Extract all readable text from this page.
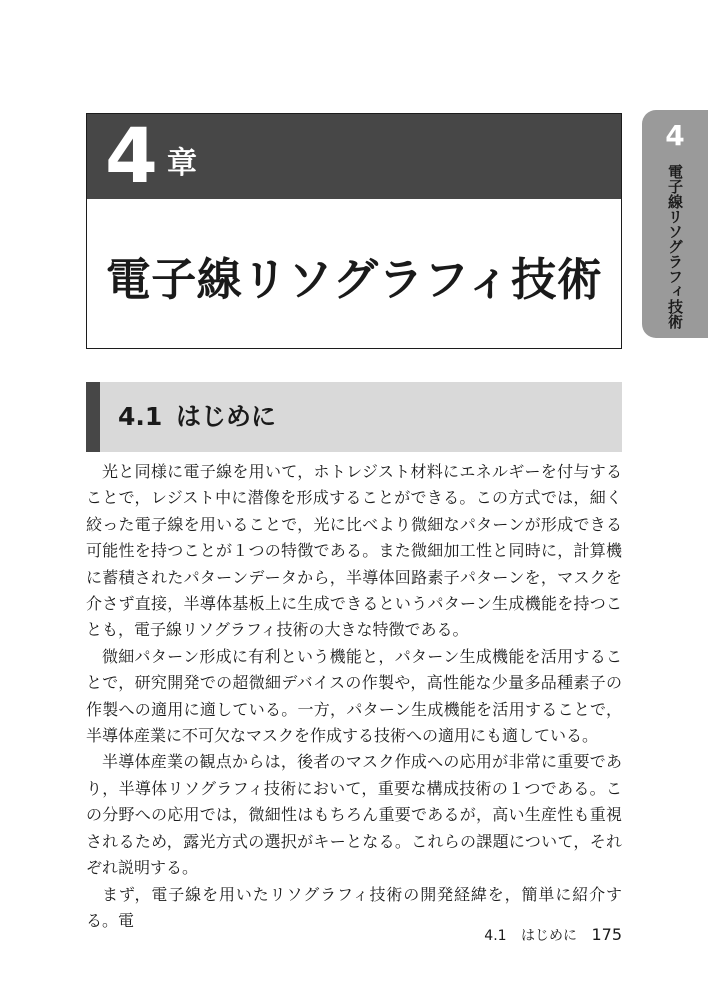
4 章
電子線リソグラフィ技術
4
電子線リソグラフィ技術
4.1 はじめに

光と同様に電子線を用いて，ホトレジスト材料にエネルギーを付与することで，レジスト中に潜像を形成することができる。この方式では，細く絞った電子線を用いることで，光に比べより微細なパターンが形成できる可能性を持つことが１つの特徴である。また微細加工性と同時に，計算機に蓄積されたパターンデータから，半導体回路素子パターンを，マスクを介さず直接，半導体基板上に生成できるというパターン生成機能を持つことも，電子線リソグラフィ技術の大きな特徴である。

微細パターン形成に有利という機能と，パターン生成機能を活用することで，研究開発での超微細デバイスの作製や，高性能な少量多品種素子の作製への適用に適している。一方，パターン生成機能を活用することで，半導体産業に不可欠なマスクを作成する技術への適用にも適している。

半導体産業の観点からは，後者のマスク作成への応用が非常に重要であり，半導体リソグラフィ技術において，重要な構成技術の１つである。この分野への応用では，微細性はもちろん重要であるが，高い生産性も重視されるため，露光方式の選択がキーとなる。これらの課題について，それぞれ説明する。

まず，電子線を用いたリソグラフィ技術の開発経緯を，簡単に紹介する。電

4.1 はじめに 175
